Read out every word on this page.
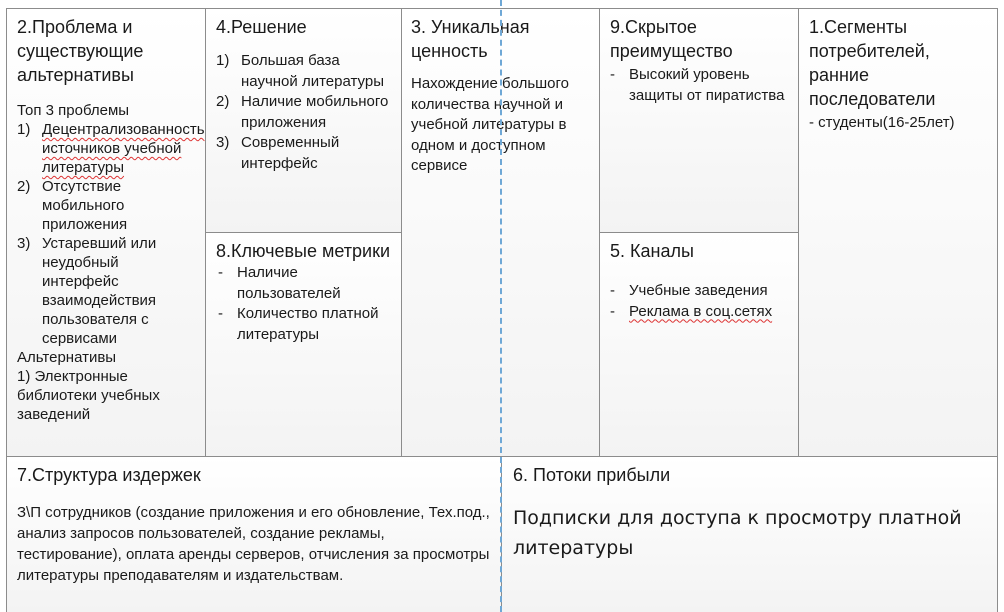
2.Проблема и существующие альтернативы

Топ 3 проблемы
1) Децентрализованность источников учебной литературы
2) Отсутствие мобильного приложения
3) Устаревший или неудобный интерфейс взаимодействия пользователя с сервисами
Альтернативы
1) Электронные библиотеки учебных заведений

4.Решение

1) Большая база научной литературы
2) Наличие мобильного приложения
3) Современный интерфейс

8.Ключевые метрики

- Наличие пользователей
- Количество платной литературы

3. Уникальная ценность

Нахождение большого количества научной и учебной литературы в одном и доступном сервисе

9.Скрытое преимущество

- Высокий уровень защиты от пиратиства

5. Каналы

- Учебные заведения
- Реклама в соц.сетях

1.Сегменты потребителей, ранние последователи

- студенты(16-25лет)

7.Структура издержек

З\П сотрудников (создание приложения и его обновление, Тех.под., анализ запросов пользователей, создание рекламы, тестирование), оплата аренды серверов, отчисления за просмотры литературы преподавателям и издательствам.

6. Потоки прибыли

Подписки для доступа к просмотру платной литературы
